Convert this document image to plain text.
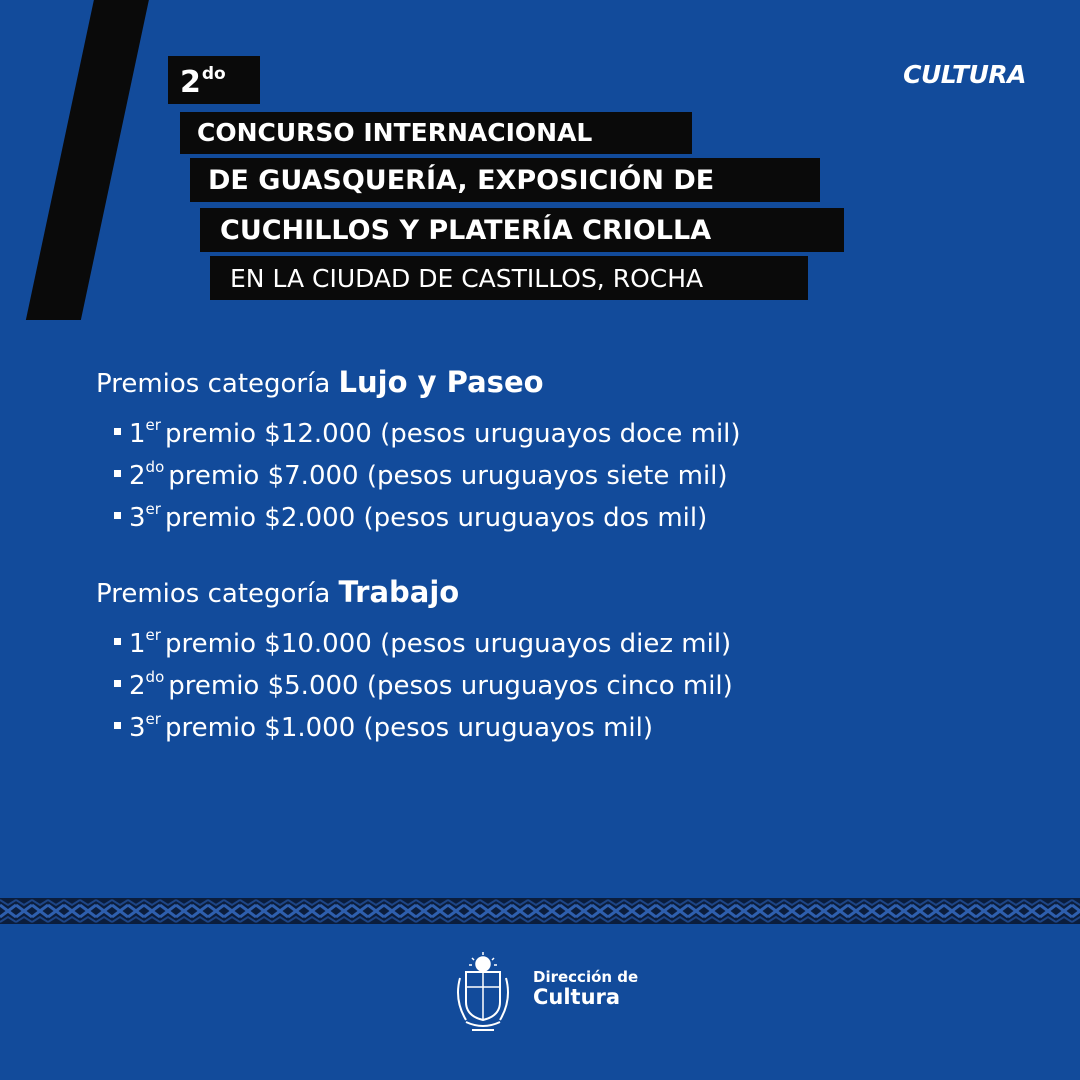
$2^{do}$
CONCURSO INTERNACIONAL
DE GUASQUERÍA, EXPOSICIÓN DE
CUCHILLOS Y PLATERÍA CRIOLLA
EN LA CIUDAD DE CASTILLOS, ROCHA
CULTURA
Premios categoría Lujo y Paseo
1er premio $12.000 (pesos uruguayos doce mil)
$2^{do}$ premio $7.000 (pesos uruguayos siete mil)
3er premio $2.000 (pesos uruguayos dos mil)
Premios categoría Trabajo
1er premio $10.000 (pesos uruguayos diez mil)
$2^{do}$ premio $5.000 (pesos uruguayos cinco mil)
3er premio $1.000 (pesos uruguayos mil)
Dirección de
Cultura
